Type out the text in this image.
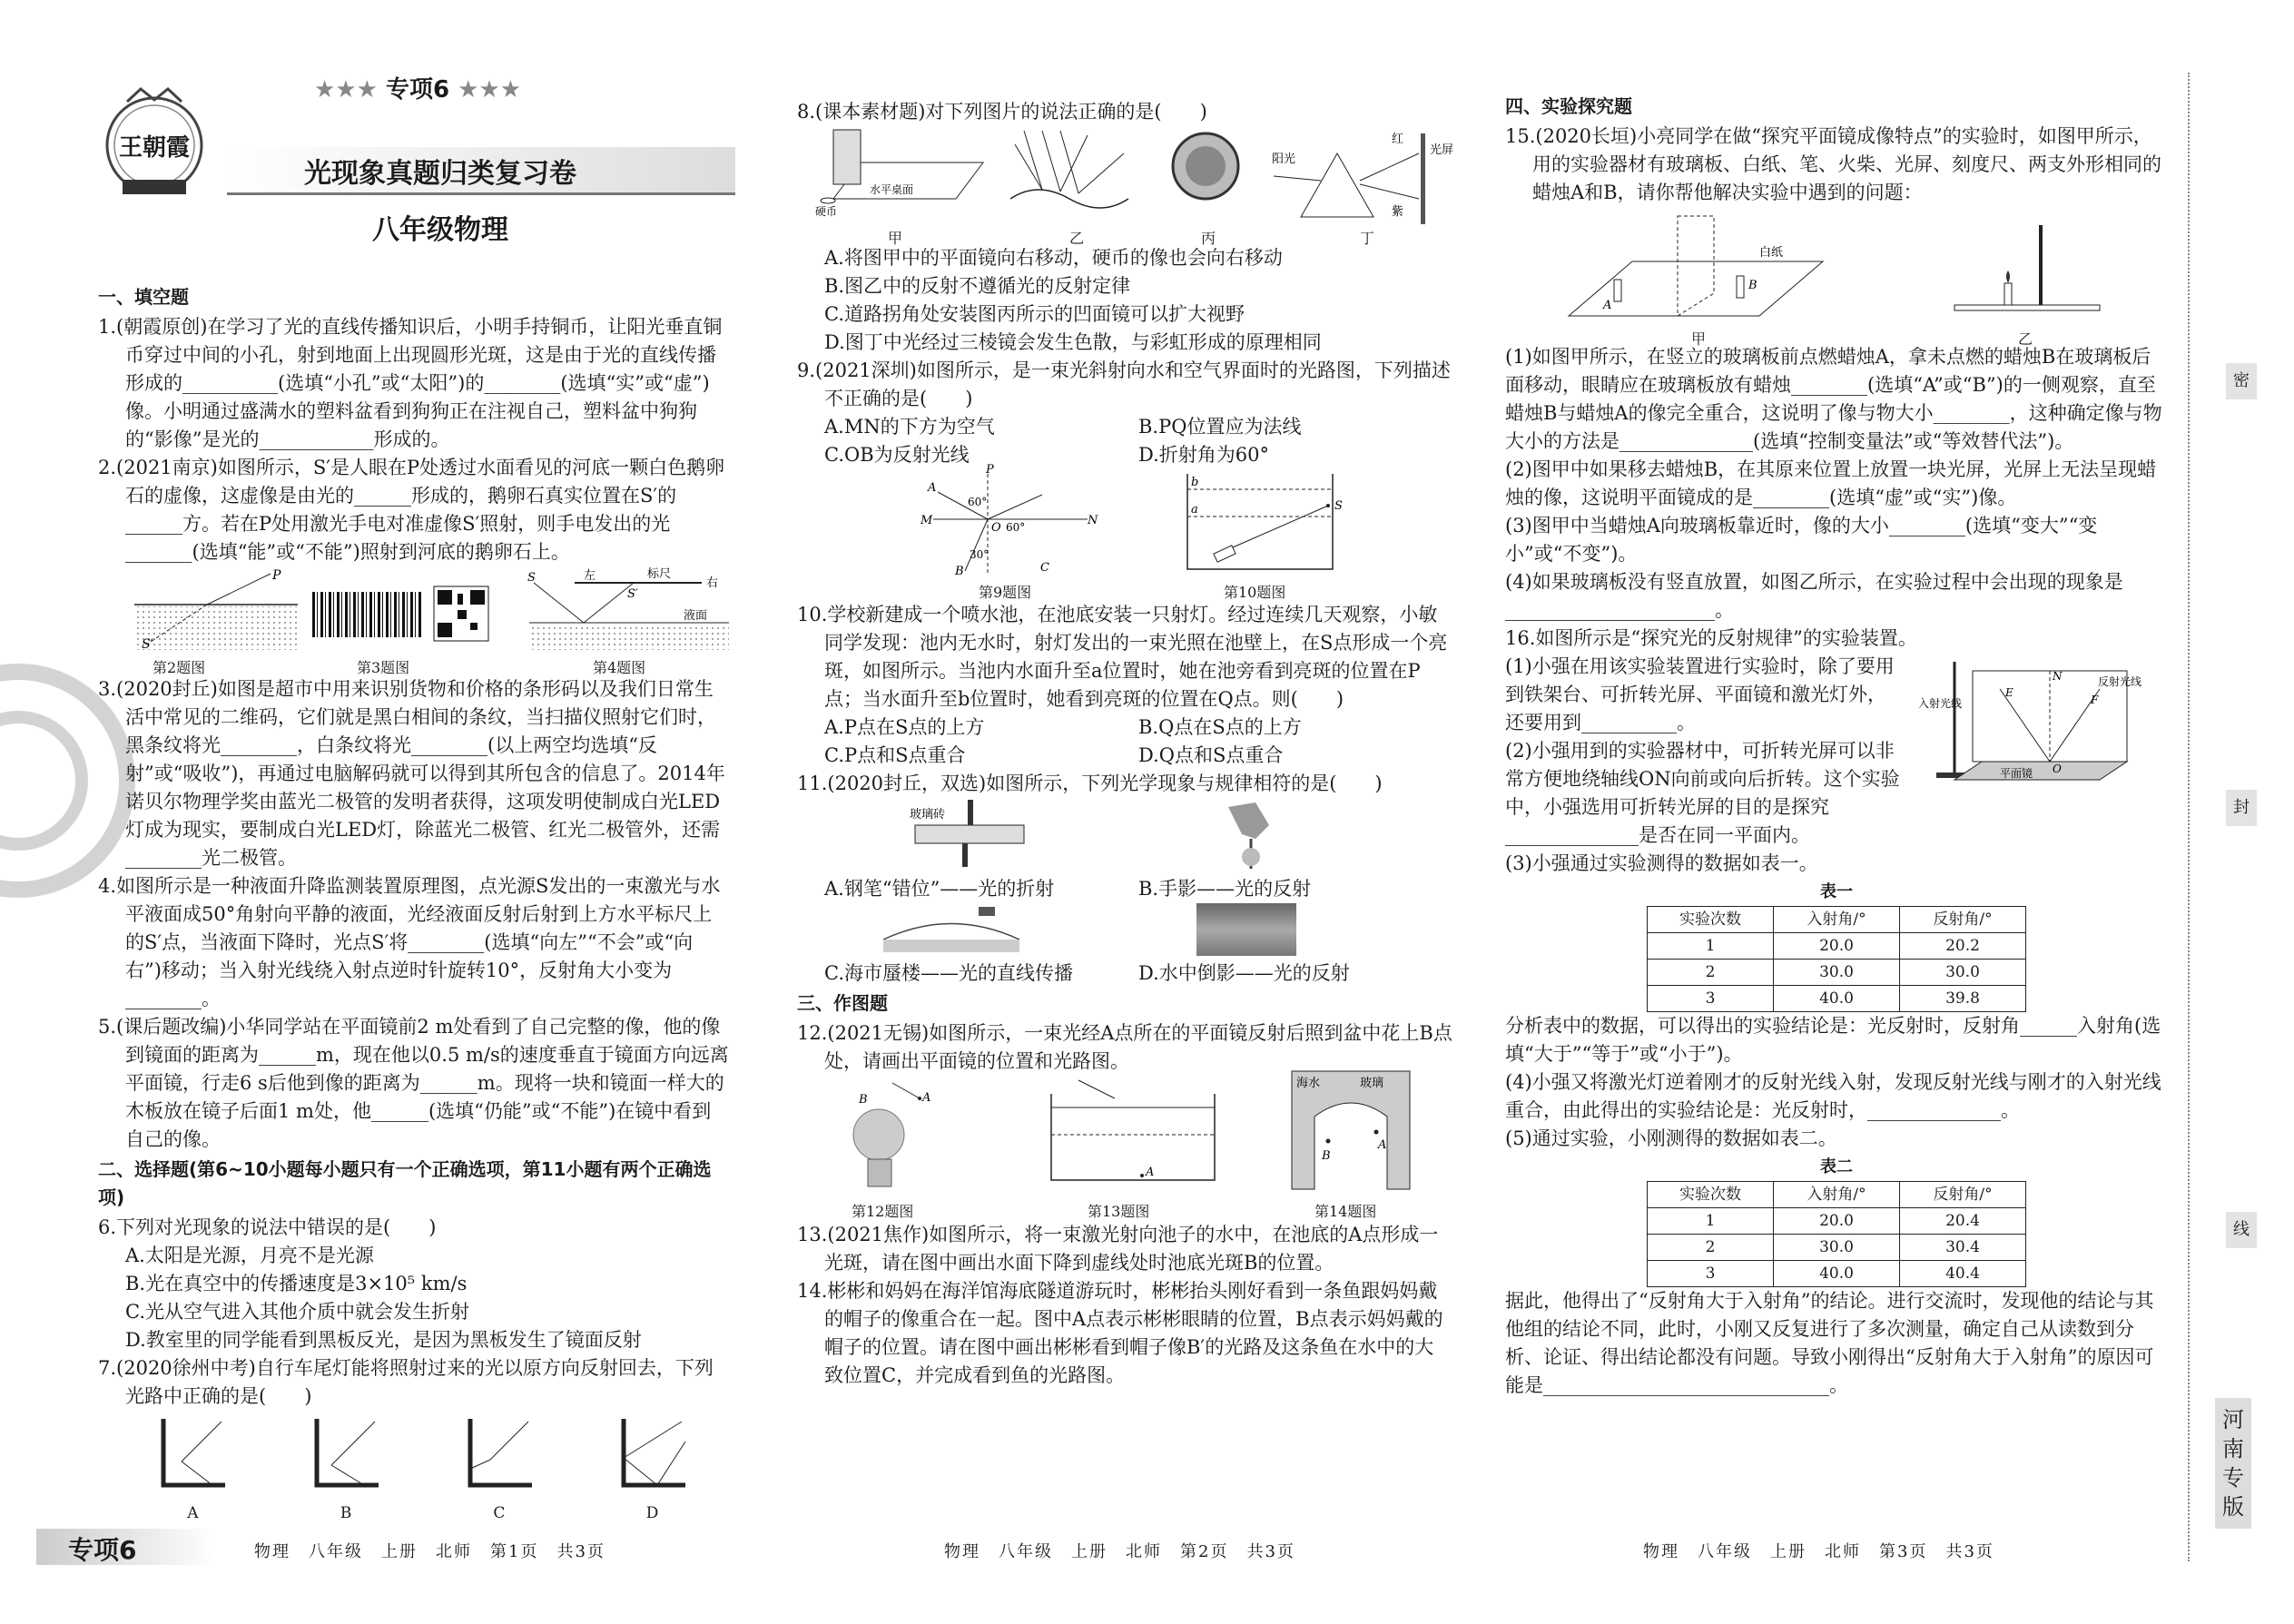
王朝霞
★★★ 专项6 ★★★
光现象真题归类复习卷
八年级物理

一、填空题

1.(朝霞原创)在学习了光的直线传播知识后，小明手持铜币，让阳光垂直铜币穿过中间的小孔，射到地面上出现圆形光斑，这是由于光的直线传播形成的__________(选填“小孔”或“太阳”)的________(选填“实”或“虚”)像。小明通过盛满水的塑料盆看到狗狗正在注视自己，塑料盆中狗狗的“影像”是光的____________形成的。

2.(2021南京)如图所示，S′是人眼在P处透过水面看见的河底一颗白色鹅卵石的虚像，这虚像是由光的______形成的，鹅卵石真实位置在S′的______方。若在P处用激光手电对准虚像S′照射，则手电发出的光_______(选填“能”或“不能”)照射到河底的鹅卵石上。

P
S′
S
S′
标尺
左
右
液面
第2题图	第3题图	第4题图

3.(2020封丘)如图是超市中用来识别货物和价格的条形码以及我们日常生活中常见的二维码，它们就是黑白相间的条纹，当扫描仪照射它们时，黑条纹将光________，白条纹将光________(以上两空均选填“反射”或“吸收”)，再通过电脑解码就可以得到其所包含的信息了。2014年诺贝尔物理学奖由蓝光二极管的发明者获得，这项发明使制成白光LED灯成为现实，要制成白光LED灯，除蓝光二极管、红光二极管外，还需________光二极管。

4.如图所示是一种液面升降监测装置原理图，点光源S发出的一束激光与水平液面成50°角射向平静的液面，光经液面反射后射到上方水平标尺上的S′点，当液面下降时，光点S′将________(选填“向左”“不会”或“向右”)移动；当入射光线绕入射点逆时针旋转10°，反射角大小变为________。

5.(课后题改编)小华同学站在平面镜前2 m处看到了自己完整的像，他的像到镜面的距离为______m，现在他以0.5 m/s的速度垂直于镜面方向远离平面镜，行走6 s后他到像的距离为______m。现将一块和镜面一样大的木板放在镜子后面1 m处，他______(选填“仍能”或“不能”)在镜中看到自己的像。

二、选择题(第6~10小题每小题只有一个正确选项，第11小题有两个正确选项)

6.下列对光现象的说法中错误的是(　　)

A.太阳是光源，月亮不是光源

B.光在真空中的传播速度是3×10⁵ km/s

C.光从空气进入其他介质中就会发生折射

D.教室里的同学能看到黑板反光，是因为黑板发生了镜面反射

7.(2020徐州中考)自行车尾灯能将照射过来的光以原方向反射回去，下列光路中正确的是(　　)

A	B	C	D

8.(课本素材题)对下列图片的说法正确的是(　　)

硬币
水平桌面
阳光
红
紫
光屏
甲	乙	丙	丁

A.将图甲中的平面镜向右移动，硬币的像也会向右移动

B.图乙中的反射不遵循光的反射定律

C.道路拐角处安装图丙所示的凹面镜可以扩大视野

D.图丁中光经过三棱镜会发生色散，与彩虹形成的原理相同

9.(2021深圳)如图所示，是一束光斜射向水和空气界面时的光路图，下列描述不正确的是(　　)

A.MN的下方为空气	B.PQ位置应为法线

C.OB为反射光线	D.折射角为60°

P
M	N
A
B	C
O
60°
60°
30°
b
a	S
第9题图	第10题图

10.学校新建成一个喷水池，在池底安装一只射灯。经过连续几天观察，小敏同学发现：池内无水时，射灯发出的一束光照在池壁上，在S点形成一个亮斑，如图所示。当池内水面升至a位置时，她在池旁看到亮斑的位置在P点；当水面升至b位置时，她看到亮斑的位置在Q点。则(　　)

A.P点在S点的上方	B.Q点在S点的上方

C.P点和S点重合	D.Q点和S点重合

11.(2020封丘，双选)如图所示，下列光学现象与规律相符的是(　　)

玻璃砖

A.钢笔“错位”——光的折射	B.手影——光的反射

C.海市蜃楼——光的直线传播	D.水中倒影——光的反射

三、作图题

12.(2021无锡)如图所示，一束光经A点所在的平面镜反射后照到盆中花上B点处，请画出平面镜的位置和光路图。

B	A
A
B
A
海水	玻璃
第12题图	第13题图	第14题图

13.(2021焦作)如图所示，将一束激光射向池子的水中，在池底的A点形成一光斑，请在图中画出水面下降到虚线处时池底光斑B的位置。

14.彬彬和妈妈在海洋馆海底隧道游玩时，彬彬抬头刚好看到一条鱼跟妈妈戴的帽子的像重合在一起。图中A点表示彬彬眼睛的位置，B点表示妈妈戴的帽子的位置。请在图中画出彬彬看到帽子像B′的光路及这条鱼在水中的大致位置C，并完成看到鱼的光路图。

四、实验探究题

15.(2020长垣)小亮同学在做“探究平面镜成像特点”的实验时，如图甲所示，用的实验器材有玻璃板、白纸、笔、火柴、光屏、刻度尺、两支外形相同的蜡烛A和B，请你帮他解决实验中遇到的问题：

A
B
白纸
甲	乙

(1)如图甲所示，在竖立的玻璃板前点燃蜡烛A，拿未点燃的蜡烛B在玻璃板后面移动，眼睛应在玻璃板放有蜡烛________(选填“A”或“B”)的一侧观察，直至蜡烛B与蜡烛A的像完全重合，这说明了像与物大小________，这种确定像与物大小的方法是______________(选填“控制变量法”或“等效替代法”)。

(2)图甲中如果移去蜡烛B，在其原来位置上放置一块光屏，光屏上无法呈现蜡烛的像，这说明平面镜成的是________(选填“虚”或“实”)像。

(3)图甲中当蜡烛A向玻璃板靠近时，像的大小________(选填“变大”“变小”或“不变”)。

(4)如果玻璃板没有竖直放置，如图乙所示，在实验过程中会出现的现象是______________________。

16.如图所示是“探究光的反射规律”的实验装置。

(1)小强在用该实验装置进行实验时，除了要用到铁架台、可折转光屏、平面镜和激光灯外，还要用到__________。

(2)小强用到的实验器材中，可折转光屏可以非常方便地绕轴线ON向前或向后折转。这个实验中，小强选用可折转光屏的目的是探究______________是否在同一平面内。

入射光线
反射光线
平面镜
N
O
E
F

(3)小强通过实验测得的数据如表一。

表一
实验次数	入射角/°	反射角/°
1	20.0	20.2
2	30.0	30.0
3	40.0	39.8

分析表中的数据，可以得出的实验结论是：光反射时，反射角______入射角(选填“大于”“等于”或“小于”)。

(4)小强又将激光灯逆着刚才的反射光线入射，发现反射光线与刚才的入射光线重合，由此得出的实验结论是：光反射时，______________。

(5)通过实验，小刚测得的数据如表二。

表二
实验次数	入射角/°	反射角/°
1	20.0	20.4
2	30.0	30.4
3	40.0	40.4

据此，他得出了“反射角大于入射角”的结论。进行交流时，发现他的结论与其他组的结论不同，此时，小刚又反复进行了多次测量，确定自己从读数到分析、论证、得出结论都没有问题。导致小刚得出“反射角大于入射角”的原因可能是______________________________。

专项6	物理　八年级　上册　北师　第1页　共3页	物理　八年级　上册　北师　第2页　共3页	物理　八年级　上册　北师　第3页　共3页
密
封
线
河南专版
